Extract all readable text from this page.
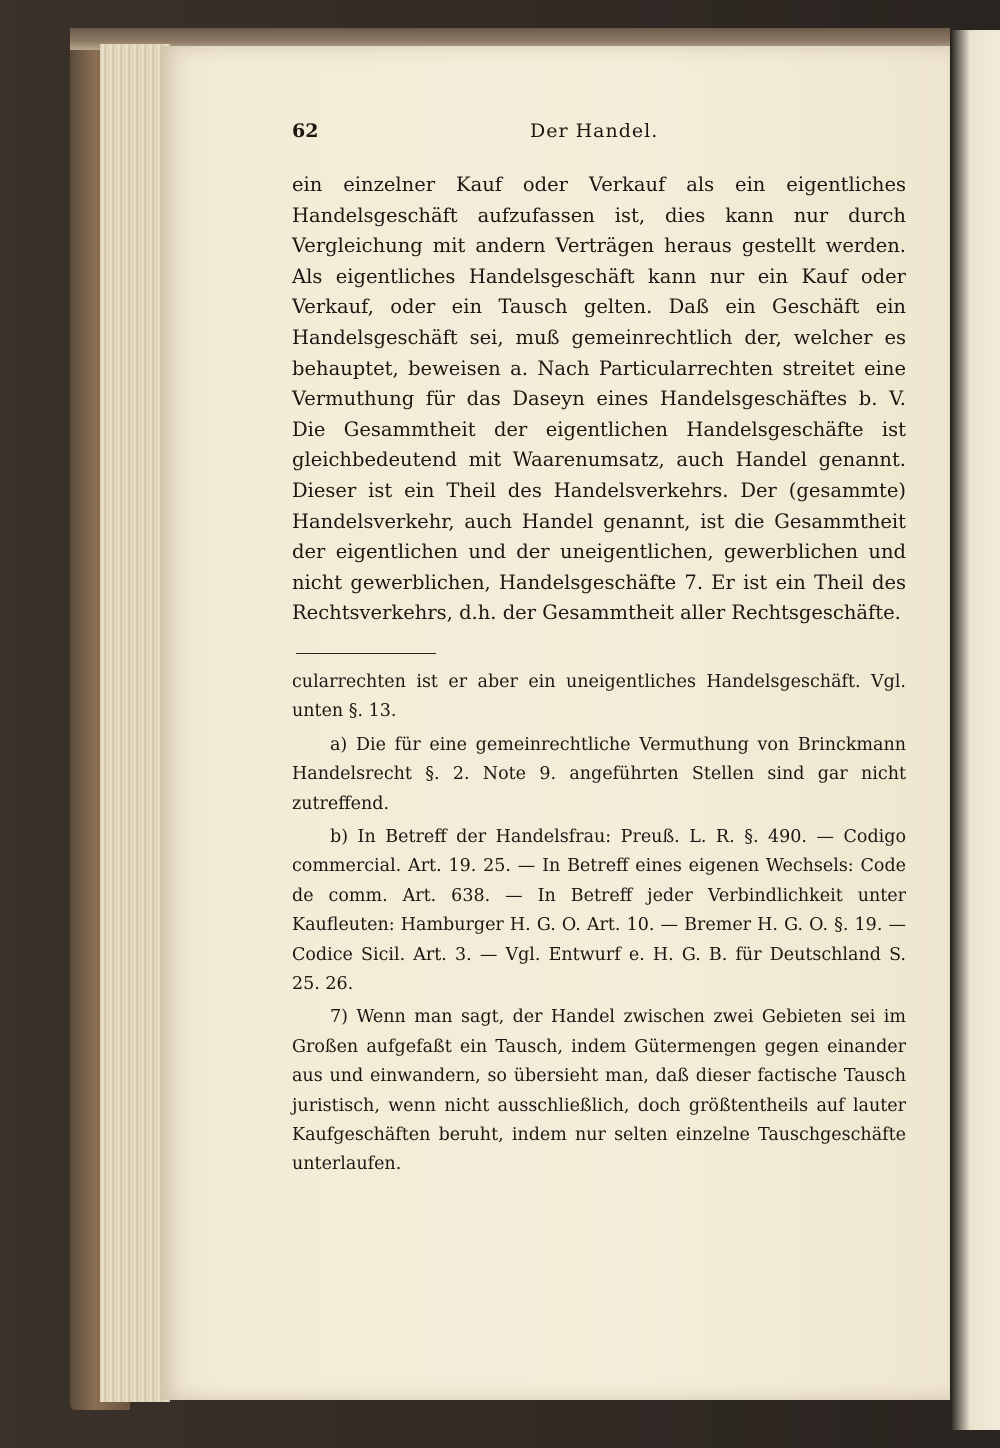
62	Der Handel.

ein einzelner Kauf oder Verkauf als ein eigentliches Handelsgeschäft aufzufassen ist, dies kann nur durch Vergleichung mit andern Verträgen heraus gestellt werden. Als eigentliches Handelsgeschäft kann nur ein Kauf oder Verkauf, oder ein Tausch gelten. Daß ein Geschäft ein Handelsgeschäft sei, muß gemeinrechtlich der, welcher es behauptet, beweisen a. Nach Particularrechten streitet eine Vermuthung für das Daseyn eines Handelsgeschäftes b. V. Die Gesammtheit der eigentlichen Handelsgeschäfte ist gleichbedeutend mit Waarenumsatz, auch Handel genannt. Dieser ist ein Theil des Handelsverkehrs. Der (gesammte) Handelsverkehr, auch Handel genannt, ist die Gesammtheit der eigentlichen und der uneigentlichen, gewerblichen und nicht gewerblichen, Handelsgeschäfte 7. Er ist ein Theil des Rechtsverkehrs, d.h. der Gesammtheit aller Rechtsgeschäfte.

cularrechten ist er aber ein uneigentliches Handelsgeschäft. Vgl. unten §. 13.

a) Die für eine gemeinrechtliche Vermuthung von Brinckmann Handelsrecht §. 2. Note 9. angeführten Stellen sind gar nicht zutreffend.

b) In Betreff der Handelsfrau: Preuß. L. R. §. 490. — Codigo commercial. Art. 19. 25. — In Betreff eines eigenen Wechsels: Code de comm. Art. 638. — In Betreff jeder Verbindlichkeit unter Kaufleuten: Hamburger H. G. O. Art. 10. — Bremer H. G. O. §. 19. — Codice Sicil. Art. 3. — Vgl. Entwurf e. H. G. B. für Deutschland S. 25. 26.

7) Wenn man sagt, der Handel zwischen zwei Gebieten sei im Großen aufgefaßt ein Tausch, indem Gütermengen gegen einander aus und einwandern, so übersieht man, daß dieser factische Tausch juristisch, wenn nicht ausschließlich, doch größtentheils auf lauter Kaufgeschäften beruht, indem nur selten einzelne Tauschgeschäfte unterlaufen.
